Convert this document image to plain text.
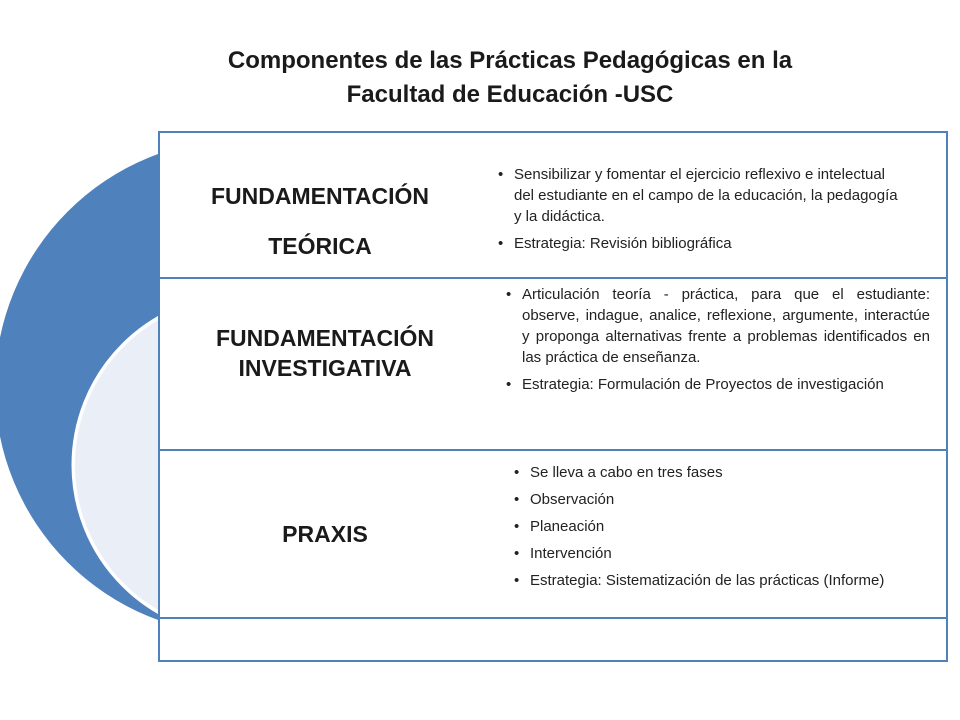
Componentes de las Prácticas Pedagógicas en la
Facultad de Educación -USC
FUNDAMENTACIÓN
TEÓRICA
• Sensibilizar y fomentar el ejercicio reflexivo e intelectual del estudiante en el campo de la educación, la pedagogía y la didáctica.
• Estrategia: Revisión bibliográfica
FUNDAMENTACIÓN
INVESTIGATIVA
• Articulación teoría - práctica, para que el estudiante: observe, indague, analice, reflexione, argumente, interactúe y proponga alternativas frente a problemas identificados en las práctica de enseñanza.
• Estrategia: Formulación de Proyectos de investigación
PRAXIS
• Se lleva a cabo en tres fases
• Observación
• Planeación
• Intervención
• Estrategia: Sistematización de las prácticas (Informe)
